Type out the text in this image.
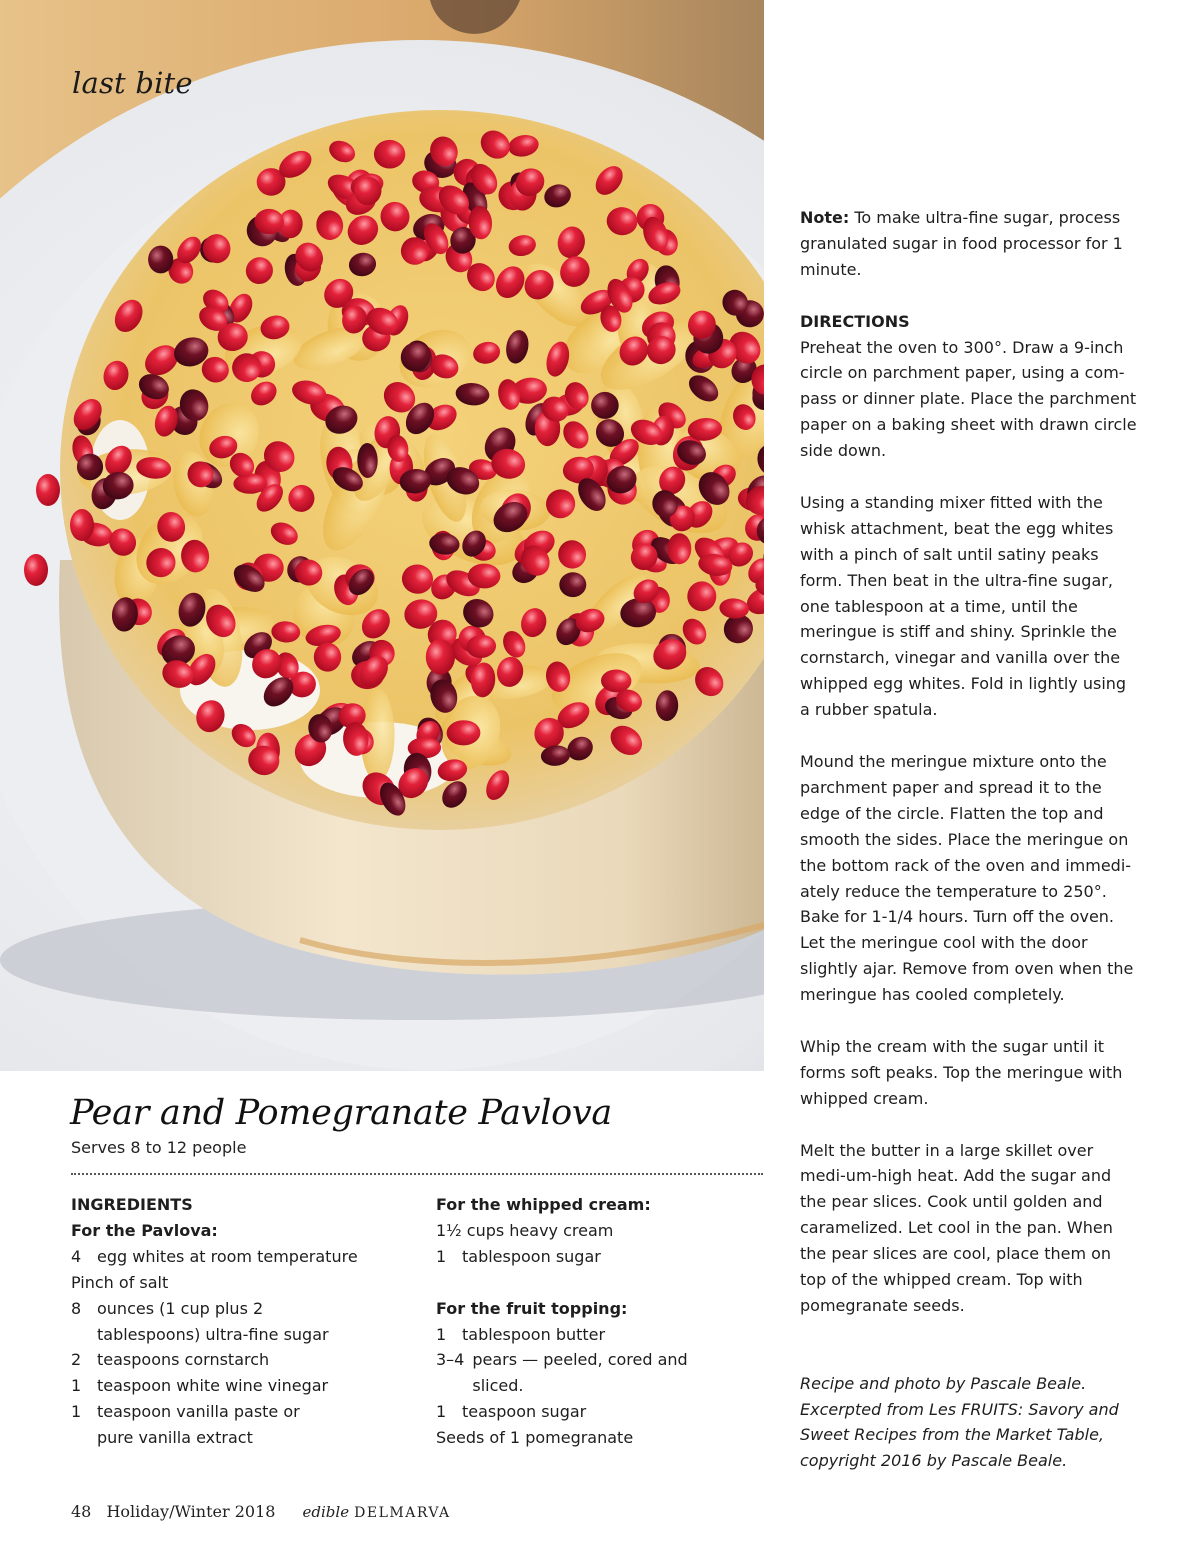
last bite
Pear and Pomegranate Pavlova
Serves 8 to 12 people
INGREDIENTS
For the Pavlova:
4 egg whites at room temperature
Pinch of salt
8 ounces (1 cup plus 2 tablespoons) ultra-fine sugar
2 teaspoons cornstarch
1 teaspoon white wine vinegar
1 teaspoon vanilla paste or pure vanilla extract
For the whipped cream:
1½ cups heavy cream
1 tablespoon sugar
For the fruit topping:
1 tablespoon butter
3–4 pears — peeled, cored and sliced.
1 teaspoon sugar
Seeds of 1 pomegranate

Note: To make ultra-fine sugar, process granulated sugar in food processor for 1 minute.

DIRECTIONS

Preheat the oven to 300°. Draw a 9-inch circle on parchment paper, using a com-pass or dinner plate. Place the parchment paper on a baking sheet with drawn circle side down.

Using a standing mixer fitted with the whisk attachment, beat the egg whites with a pinch of salt until satiny peaks form. Then beat in the ultra-fine sugar, one tablespoon at a time, until the meringue is stiff and shiny. Sprinkle the cornstarch, vinegar and vanilla over the whipped egg whites. Fold in lightly using a rubber spatula.

Mound the meringue mixture onto the parchment paper and spread it to the edge of the circle. Flatten the top and smooth the sides. Place the meringue on the bottom rack of the oven and immedi-ately reduce the temperature to 250°. Bake for 1-1/4 hours. Turn off the oven. Let the meringue cool with the door slightly ajar. Remove from oven when the meringue has cooled completely.

Whip the cream with the sugar until it forms soft peaks. Top the meringue with whipped cream.

Melt the butter in a large skillet over medi-um-high heat. Add the sugar and the pear slices. Cook until golden and caramelized. Let cool in the pan. When the pear slices are cool, place them on top of the whipped cream. Top with pomegranate seeds.

Recipe and photo by Pascale Beale. Excerpted from Les FRUITS: Savory and Sweet Recipes from the Market Table, copyright 2016 by Pascale Beale.

48 Holiday/Winter 2018 edible DELMARVA
